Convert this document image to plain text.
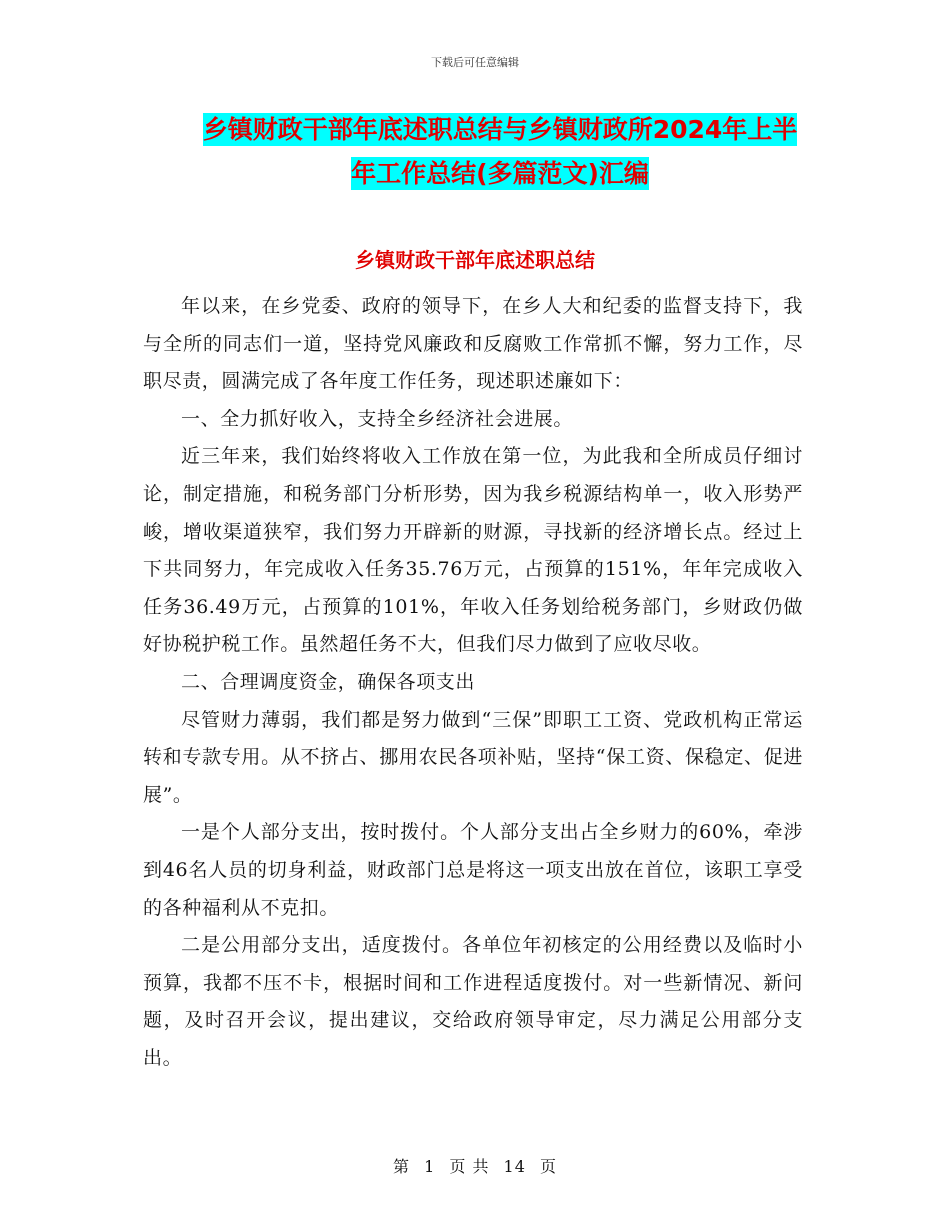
下载后可任意编辑
乡镇财政干部年底述职总结与乡镇财政所2024年上半
年工作总结(多篇范文)汇编
乡镇财政干部年底述职总结

年以来，在乡党委、政府的领导下，在乡人大和纪委的监督支持下，我与全所的同志们一道，坚持党风廉政和反腐败工作常抓不懈，努力工作，尽职尽责，圆满完成了各年度工作任务，现述职述廉如下：

一、全力抓好收入，支持全乡经济社会进展。

近三年来，我们始终将收入工作放在第一位，为此我和全所成员仔细讨论，制定措施，和税务部门分析形势，因为我乡税源结构单一，收入形势严峻，增收渠道狭窄，我们努力开辟新的财源，寻找新的经济增长点。经过上下共同努力，年完成收入任务35.76万元，占预算的151%，年年完成收入任务36.49万元，占预算的101%，年收入任务划给税务部门，乡财政仍做好协税护税工作。虽然超任务不大，但我们尽力做到了应收尽收。

二、合理调度资金，确保各项支出

尽管财力薄弱，我们都是努力做到“三保”即职工工资、党政机构正常运转和专款专用。从不挤占、挪用农民各项补贴，坚持“保工资、保稳定、促进展”。

一是个人部分支出，按时拨付。个人部分支出占全乡财力的60%，牵涉到46名人员的切身利益，财政部门总是将这一项支出放在首位，该职工享受的各种福利从不克扣。

二是公用部分支出，适度拨付。各单位年初核定的公用经费以及临时小预算，我都不压不卡，根据时间和工作进程适度拨付。对一些新情况、新问题，及时召开会议，提出建议，交给政府领导审定，尽力满足公用部分支出。

第 1 页 共 14 页
